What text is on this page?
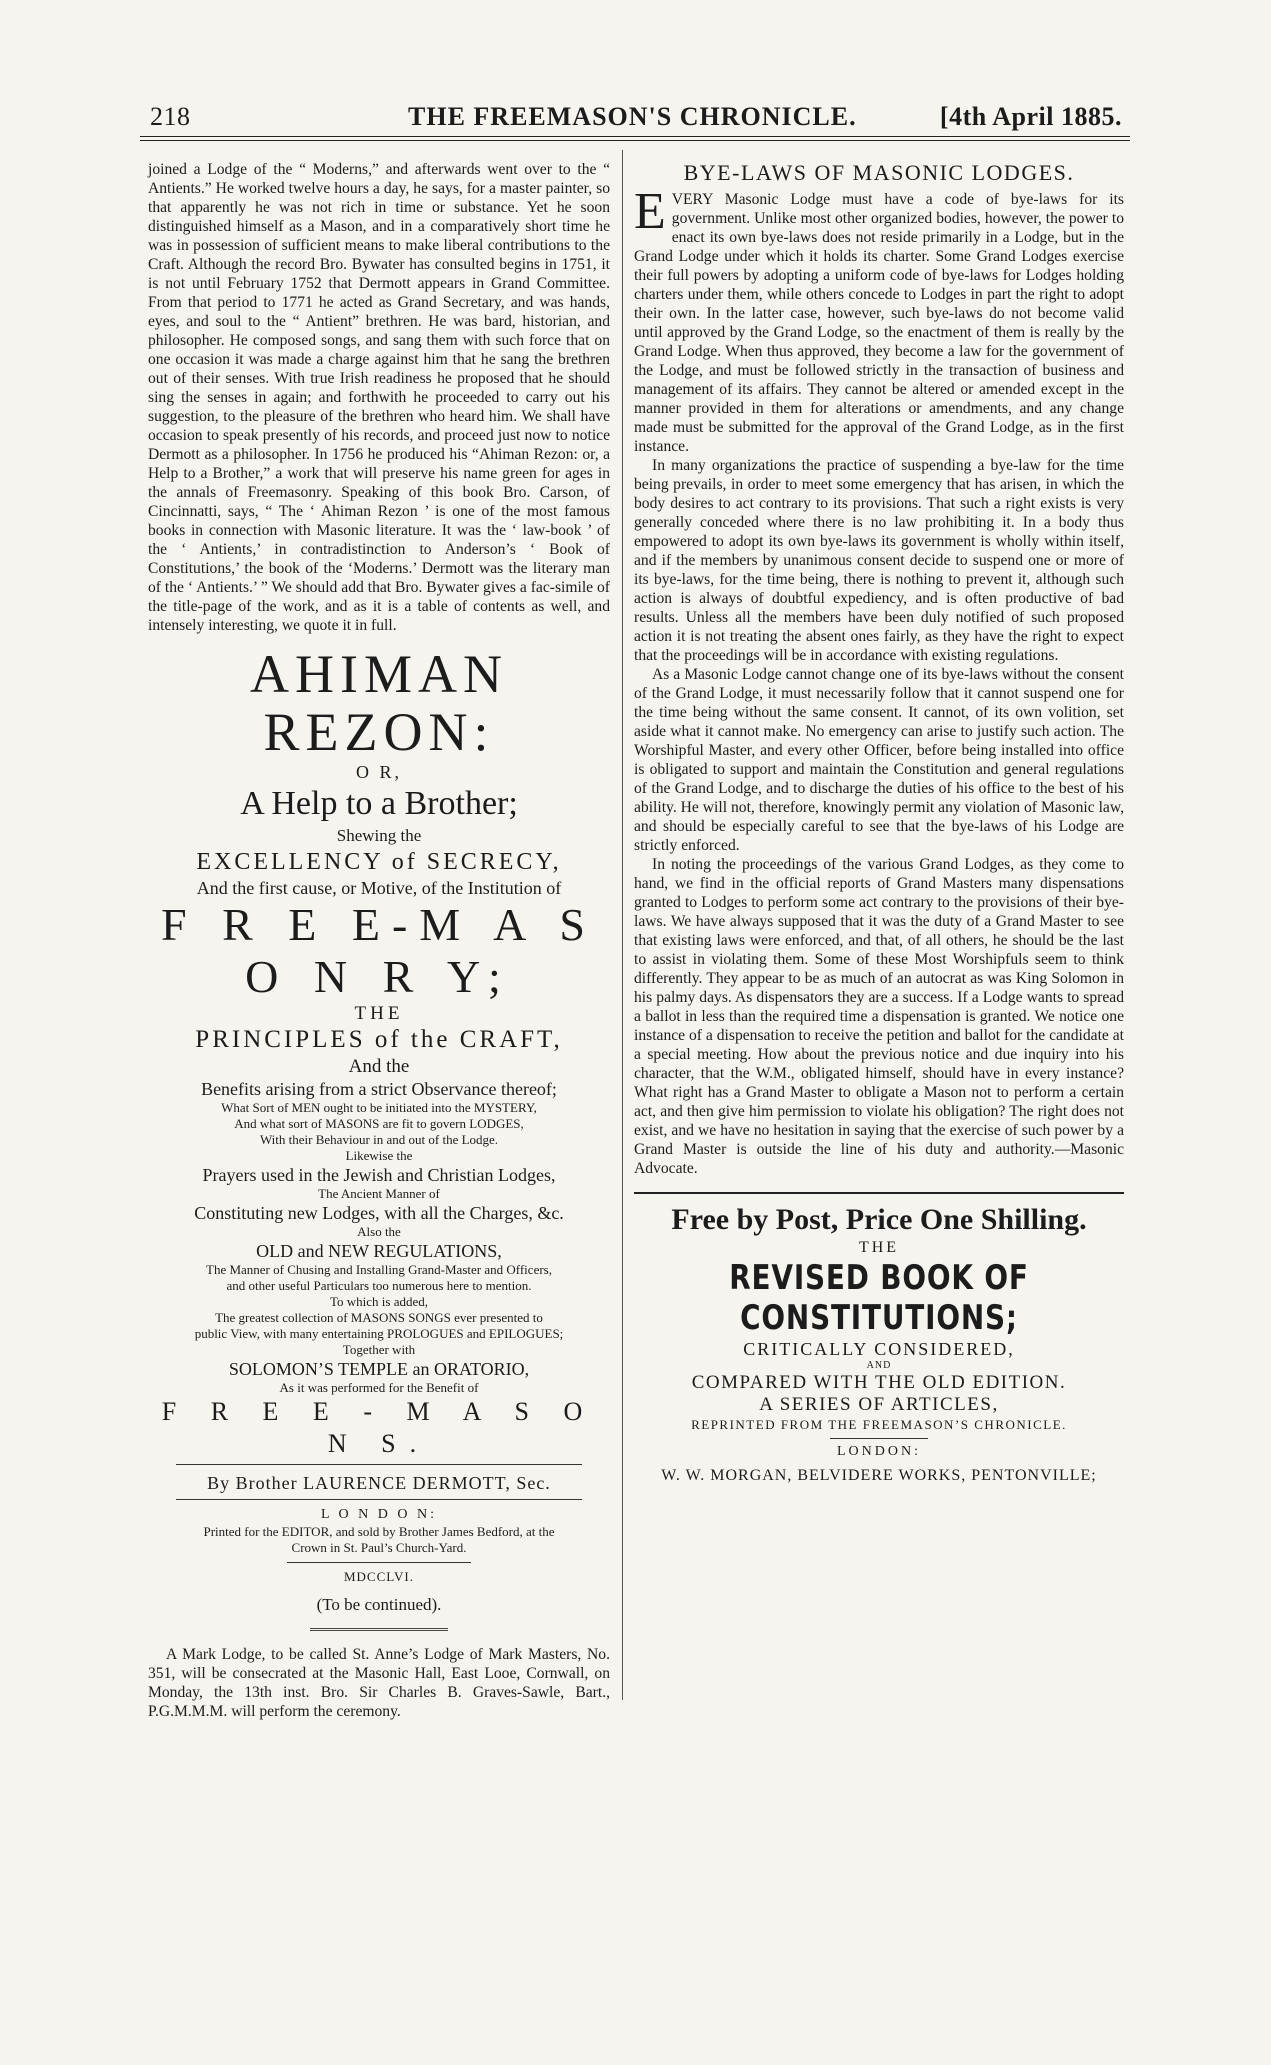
218	THE FREEMASON'S CHRONICLE.	[4th April 1885.

joined a Lodge of the “ Moderns,” and afterwards went over to the “ Antients.” He worked twelve hours a day, he says, for a master painter, so that apparently he was not rich in time or substance. Yet he soon distinguished himself as a Mason, and in a comparatively short time he was in possession of sufficient means to make liberal contributions to the Craft. Although the record Bro. Bywater has consulted begins in 1751, it is not until February 1752 that Dermott appears in Grand Committee. From that period to 1771 he acted as Grand Secretary, and was hands, eyes, and soul to the “ Antient” brethren. He was bard, historian, and philosopher. He composed songs, and sang them with such force that on one occasion it was made a charge against him that he sang the brethren out of their senses. With true Irish readiness he proposed that he should sing the senses in again; and forthwith he proceeded to carry out his suggestion, to the pleasure of the brethren who heard him. We shall have occasion to speak presently of his records, and proceed just now to notice Dermott as a philosopher. In 1756 he produced his “Ahiman Rezon: or, a Help to a Brother,” a work that will preserve his name green for ages in the annals of Freemasonry. Speaking of this book Bro. Carson, of Cincinnatti, says, “ The ‘ Ahiman Rezon ’ is one of the most famous books in connection with Masonic literature. It was the ‘ law-book ’ of the ‘ Antients,’ in contradistinction to Anderson’s ‘ Book of Constitutions,’ the book of the ‘Moderns.’ Dermott was the literary man of the ‘ Antients.’ ” We should add that Bro. Bywater gives a fac-simile of the title-page of the work, and as it is a table of contents as well, and intensely interesting, we quote it in full.

AHIMAN REZON:
O R,
A Help to a Brother;
Shewing the
EXCELLENCY of SECRECY,
And the first cause, or Motive, of the Institution of
F R E E-M A S O N R Y;
THE
PRINCIPLES of the CRAFT,
And the
Benefits arising from a strict Observance thereof;
What Sort of MEN ought to be initiated into the MYSTERY,
And what sort of MASONS are fit to govern LODGES,
With their Behaviour in and out of the Lodge.
Likewise the
Prayers used in the Jewish and Christian Lodges,
The Ancient Manner of
Constituting new Lodges, with all the Charges, &c.
Also the
OLD and NEW REGULATIONS,
The Manner of Chusing and Installing Grand-Master and Officers,
and other useful Particulars too numerous here to mention.
To which is added,
The greatest collection of MASONS SONGS ever presented to
public View, with many entertaining PROLOGUES and EPILOGUES;
Together with
SOLOMON’S TEMPLE an ORATORIO,
As it was performed for the Benefit of
F R E E - M A S O N S.
By Brother LAURENCE DERMOTT, Sec.
L O N D O N:
Printed for the EDITOR, and sold by Brother James Bedford, at the
Crown in St. Paul’s Church-Yard.
MDCCLVI.
(To be continued).

A Mark Lodge, to be called St. Anne’s Lodge of Mark Masters, No. 351, will be consecrated at the Masonic Hall, East Looe, Cornwall, on Monday, the 13th inst. Bro. Sir Charles B. Graves-Sawle, Bart., P.G.M.M.M. will perform the ceremony.

BYE-LAWS OF MASONIC LODGES.

EVERY Masonic Lodge must have a code of bye-laws for its government. Unlike most other organized bodies, however, the power to enact its own bye-laws does not reside primarily in a Lodge, but in the Grand Lodge under which it holds its charter. Some Grand Lodges exercise their full powers by adopting a uniform code of bye-laws for Lodges holding charters under them, while others concede to Lodges in part the right to adopt their own. In the latter case, however, such bye-laws do not become valid until approved by the Grand Lodge, so the enactment of them is really by the Grand Lodge. When thus approved, they become a law for the government of the Lodge, and must be followed strictly in the transaction of business and management of its affairs. They cannot be altered or amended except in the manner provided in them for alterations or amendments, and any change made must be submitted for the approval of the Grand Lodge, as in the first instance.

In many organizations the practice of suspending a bye-law for the time being prevails, in order to meet some emergency that has arisen, in which the body desires to act contrary to its provisions. That such a right exists is very generally conceded where there is no law prohibiting it. In a body thus empowered to adopt its own bye-laws its government is wholly within itself, and if the members by unanimous consent decide to suspend one or more of its bye-laws, for the time being, there is nothing to prevent it, although such action is always of doubtful expediency, and is often productive of bad results. Unless all the members have been duly notified of such proposed action it is not treating the absent ones fairly, as they have the right to expect that the proceedings will be in accordance with existing regulations.

As a Masonic Lodge cannot change one of its bye-laws without the consent of the Grand Lodge, it must necessarily follow that it cannot suspend one for the time being without the same consent. It cannot, of its own volition, set aside what it cannot make. No emergency can arise to justify such action. The Worshipful Master, and every other Officer, before being installed into office is obligated to support and maintain the Constitution and general regulations of the Grand Lodge, and to discharge the duties of his office to the best of his ability. He will not, therefore, knowingly permit any violation of Masonic law, and should be especially careful to see that the bye-laws of his Lodge are strictly enforced.

In noting the proceedings of the various Grand Lodges, as they come to hand, we find in the official reports of Grand Masters many dispensations granted to Lodges to perform some act contrary to the provisions of their bye-laws. We have always supposed that it was the duty of a Grand Master to see that existing laws were enforced, and that, of all others, he should be the last to assist in violating them. Some of these Most Worshipfuls seem to think differently. They appear to be as much of an autocrat as was King Solomon in his palmy days. As dispensators they are a success. If a Lodge wants to spread a ballot in less than the required time a dispensation is granted. We notice one instance of a dispensation to receive the petition and ballot for the candidate at a special meeting. How about the previous notice and due inquiry into his character, that the W.M., obligated himself, should have in every instance? What right has a Grand Master to obligate a Mason not to perform a certain act, and then give him permission to violate his obligation? The right does not exist, and we have no hesitation in saying that the exercise of such power by a Grand Master is outside the line of his duty and authority.—Masonic Advocate.

Free by Post, Price One Shilling.
THE
REVISED BOOK OF CONSTITUTIONS;
CRITICALLY CONSIDERED,
AND
COMPARED WITH THE OLD EDITION.
A SERIES OF ARTICLES,
REPRINTED FROM THE FREEMASON’S CHRONICLE.
LONDON:
W. W. MORGAN, BELVIDERE WORKS, PENTONVILLE;
